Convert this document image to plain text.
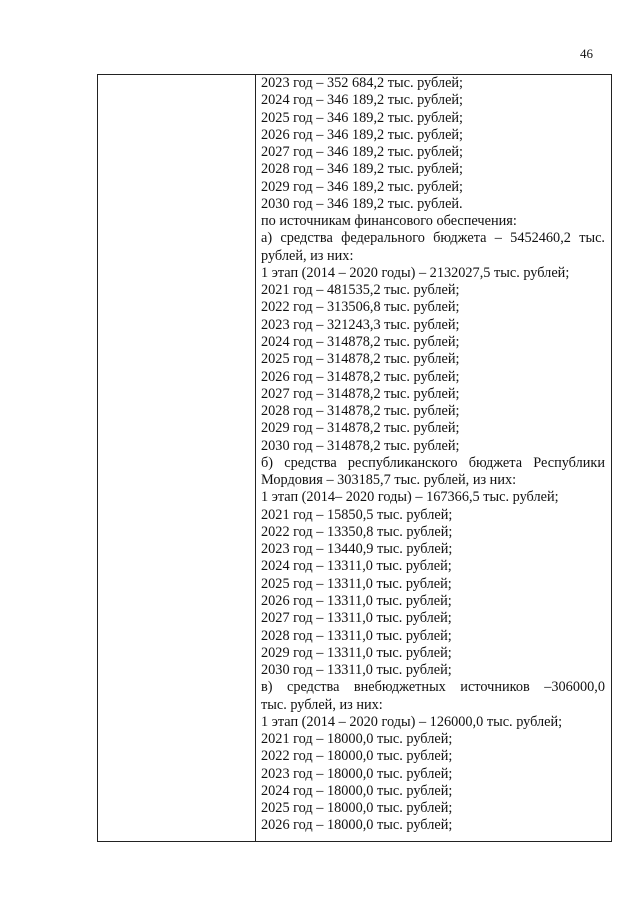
46
2023 год – 352 684,2 тыс. рублей;
2024 год – 346 189,2 тыс. рублей;
2025 год – 346 189,2 тыс. рублей;
2026 год – 346 189,2 тыс. рублей;
2027 год – 346 189,2 тыс. рублей;
2028 год – 346 189,2 тыс. рублей;
2029 год – 346 189,2 тыс. рублей;
2030 год – 346 189,2 тыс. рублей.
по источникам финансового обеспечения:
а) средства федерального бюджета – 5452460,2 тыс.
рублей, из них:
1 этап (2014 – 2020 годы) – 2132027,5 тыс. рублей;
2021 год – 481535,2 тыс. рублей;
2022 год – 313506,8 тыс. рублей;
2023 год – 321243,3 тыс. рублей;
2024 год – 314878,2 тыс. рублей;
2025 год – 314878,2 тыс. рублей;
2026 год – 314878,2 тыс. рублей;
2027 год – 314878,2 тыс. рублей;
2028 год – 314878,2 тыс. рублей;
2029 год – 314878,2 тыс. рублей;
2030 год – 314878,2 тыс. рублей;
б) средства республиканского бюджета Республики
Мордовия – 303185,7 тыс. рублей, из них:
1 этап (2014– 2020 годы) – 167366,5 тыс. рублей;
2021 год – 15850,5 тыс. рублей;
2022 год – 13350,8 тыс. рублей;
2023 год – 13440,9 тыс. рублей;
2024 год – 13311,0 тыс. рублей;
2025 год – 13311,0 тыс. рублей;
2026 год – 13311,0 тыс. рублей;
2027 год – 13311,0 тыс. рублей;
2028 год – 13311,0 тыс. рублей;
2029 год – 13311,0 тыс. рублей;
2030 год – 13311,0 тыс. рублей;
в) средства внебюджетных источников –306000,0
тыс. рублей, из них:
1 этап (2014 – 2020 годы) – 126000,0 тыс. рублей;
2021 год – 18000,0 тыс. рублей;
2022 год – 18000,0 тыс. рублей;
2023 год – 18000,0 тыс. рублей;
2024 год – 18000,0 тыс. рублей;
2025 год – 18000,0 тыс. рублей;
2026 год – 18000,0 тыс. рублей;
